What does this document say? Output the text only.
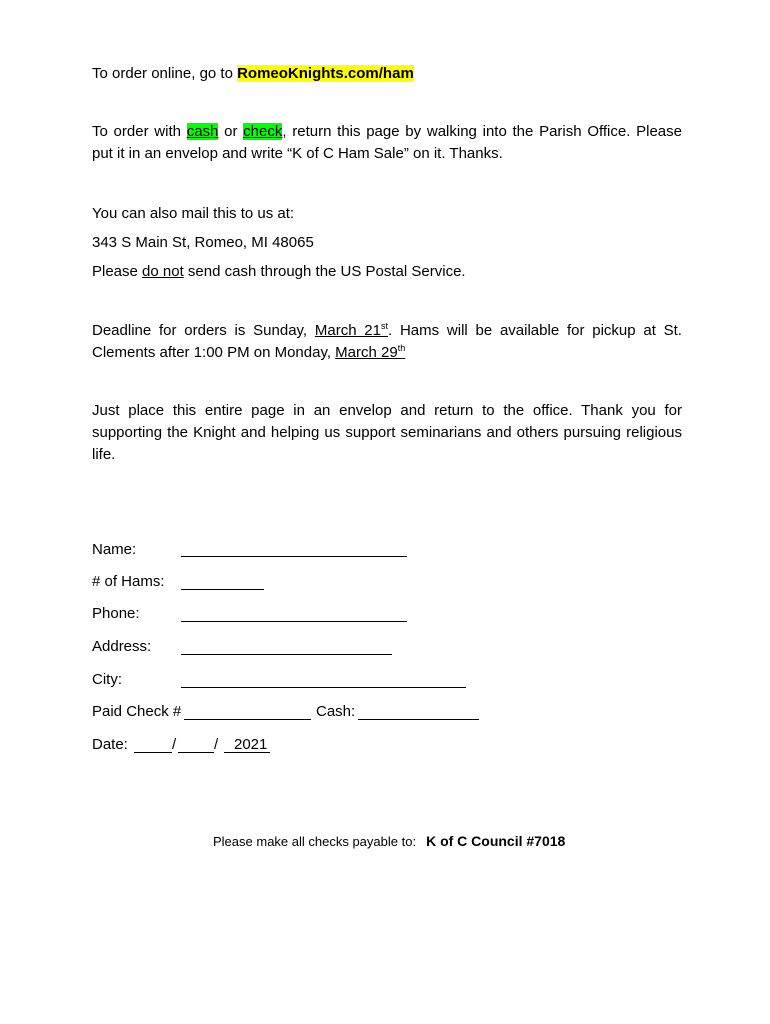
To order online, go to RomeoKnights.com/ham
To order with cash or check, return this page by walking into the Parish Office. Please put it in an envelop and write “K of C Ham Sale” on it. Thanks.
You can also mail this to us at:
343 S Main St, Romeo, MI 48065
Please do not send cash through the US Postal Service.
Deadline for orders is Sunday, March 21st. Hams will be available for pickup at St. Clements after 1:00 PM on Monday, March 29th
Just place this entire page in an envelop and return to the office. Thank you for supporting the Knight and helping us support seminarians and others pursuing religious life.
Name:
# of Hams:
Phone:
Address:
City:
Paid Check #	Cash:
Date:	/	/ 2021
Please make all checks payable to: K of C Council #7018
